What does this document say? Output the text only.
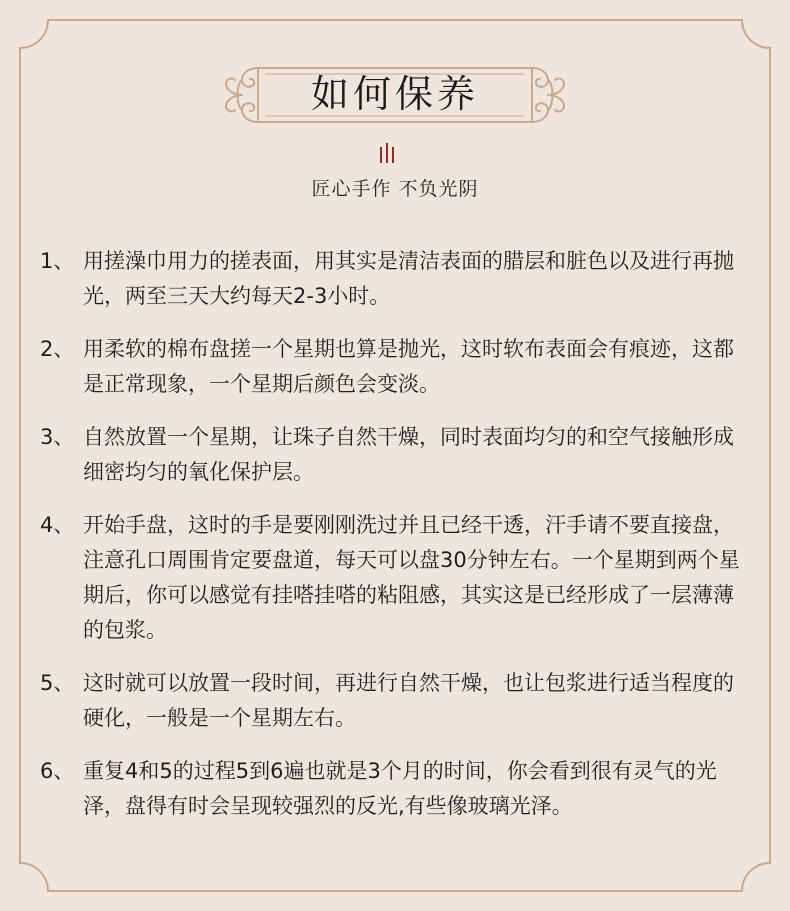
如何保养
匠心手作 不负光阴
1、 用搓澡巾用力的搓表面，用其实是清洁表面的腊层和脏色以及进行再抛光，两至三天大约每天2-3小时。
2、 用柔软的棉布盘搓一个星期也算是抛光，这时软布表面会有痕迹，这都是正常现象，一个星期后颜色会变淡。
3、 自然放置一个星期，让珠子自然干燥，同时表面均匀的和空气接触形成细密均匀的氧化保护层。
4、 开始手盘，这时的手是要刚刚洗过并且已经干透，汗手请不要直接盘，注意孔口周围肯定要盘道，每天可以盘30分钟左右。一个星期到两个星期后，你可以感觉有挂嗒挂嗒的粘阻感，其实这是已经形成了一层薄薄的包浆。
5、 这时就可以放置一段时间，再进行自然干燥，也让包浆进行适当程度的硬化，一般是一个星期左右。
6、 重复4和5的过程5到6遍也就是3个月的时间，你会看到很有灵气的光泽，盘得有时会呈现较强烈的反光,有些像玻璃光泽。
